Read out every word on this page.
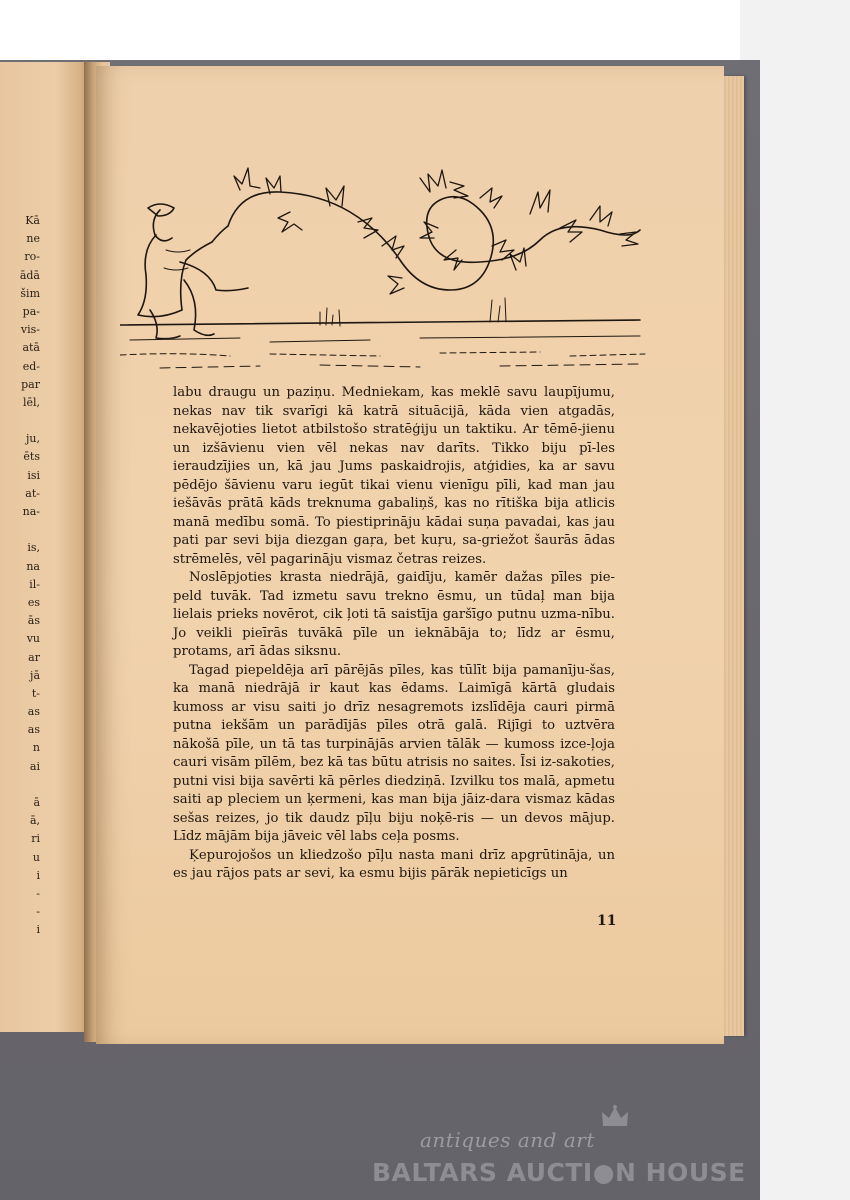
Kā
ne
ro-
ādā
šim
pa-
vis-
atā
ed-
par
lēl,
ju,
ēts
isi
at-
na-
is,
na
il-
es
ās
vu
ar
jā
t-
as
as
n
ai
ā
ā,
ri
u
i
-
-
i

labu draugu un paziņu. Medniekam, kas meklē savu laupījumu, nekas nav tik svarīgi kā katrā situācijā, kāda vien atgadās, nekavējoties lietot atbilstošo stratēģiju un taktiku. Ar tēmē-jienu un izšāvienu vien vēl nekas nav darīts. Tikko biju pī-les ieraudzījies un, kā jau Jums paskaidrojis, atģidies, ka ar savu pēdējo šāvienu varu iegūt tikai vienu vienīgu pīli, kad man jau iešāvās prātā kāds treknuma gabaliņš, kas no rītiška bija atlicis manā medību somā. To piestiprināju kādai suņa pavadai, kas jau pati par sevi bija diezgan gaŗa, bet kuŗu, sa-griežot šaurās ādas strēmelēs, vēl pagarināju vismaz četras reizes.

Noslēpjoties krasta niedrājā, gaidīju, kamēr dažas pīles pie-peld tuvāk. Tad izmetu savu trekno ēsmu, un tūdaļ man bija lielais prieks novērot, cik ļoti tā saistīja garšīgo putnu uzma-nību. Jo veikli pieīrās tuvākā pīle un ieknābāja to; līdz ar ēsmu, protams, arī ādas siksnu.

Tagad piepeldēja arī pārējās pīles, kas tūlīt bija pamanīju-šas, ka manā niedrājā ir kaut kas ēdams. Laimīgā kārtā gludais kumoss ar visu saiti jo drīz nesagremots izslīdēja cauri pirmā putna iekšām un parādījās pīles otrā galā. Rijīgi to uztvēra nākošā pīle, un tā tas turpinājās arvien tālāk — kumoss izce-ļoja cauri visām pīlēm, bez kā tas būtu atrisis no saites. Īsi iz-sakoties, putni visi bija savērti kā pērles diedziņā. Izvilku tos malā, apmetu saiti ap pleciem un ķermeni, kas man bija jāiz-dara vismaz kādas sešas reizes, jo tik daudz pīļu biju noķē-ris — un devos mājup. Līdz mājām bija jāveic vēl labs ceļa posms.

Ķepurojošos un kliedzošo pīļu nasta mani drīz apgrūtināja, un es jau rājos pats ar sevi, ka esmu bijis pārāk nepieticīgs un

11
antiques and art
BALTARS AUCTI●N HOUSE
